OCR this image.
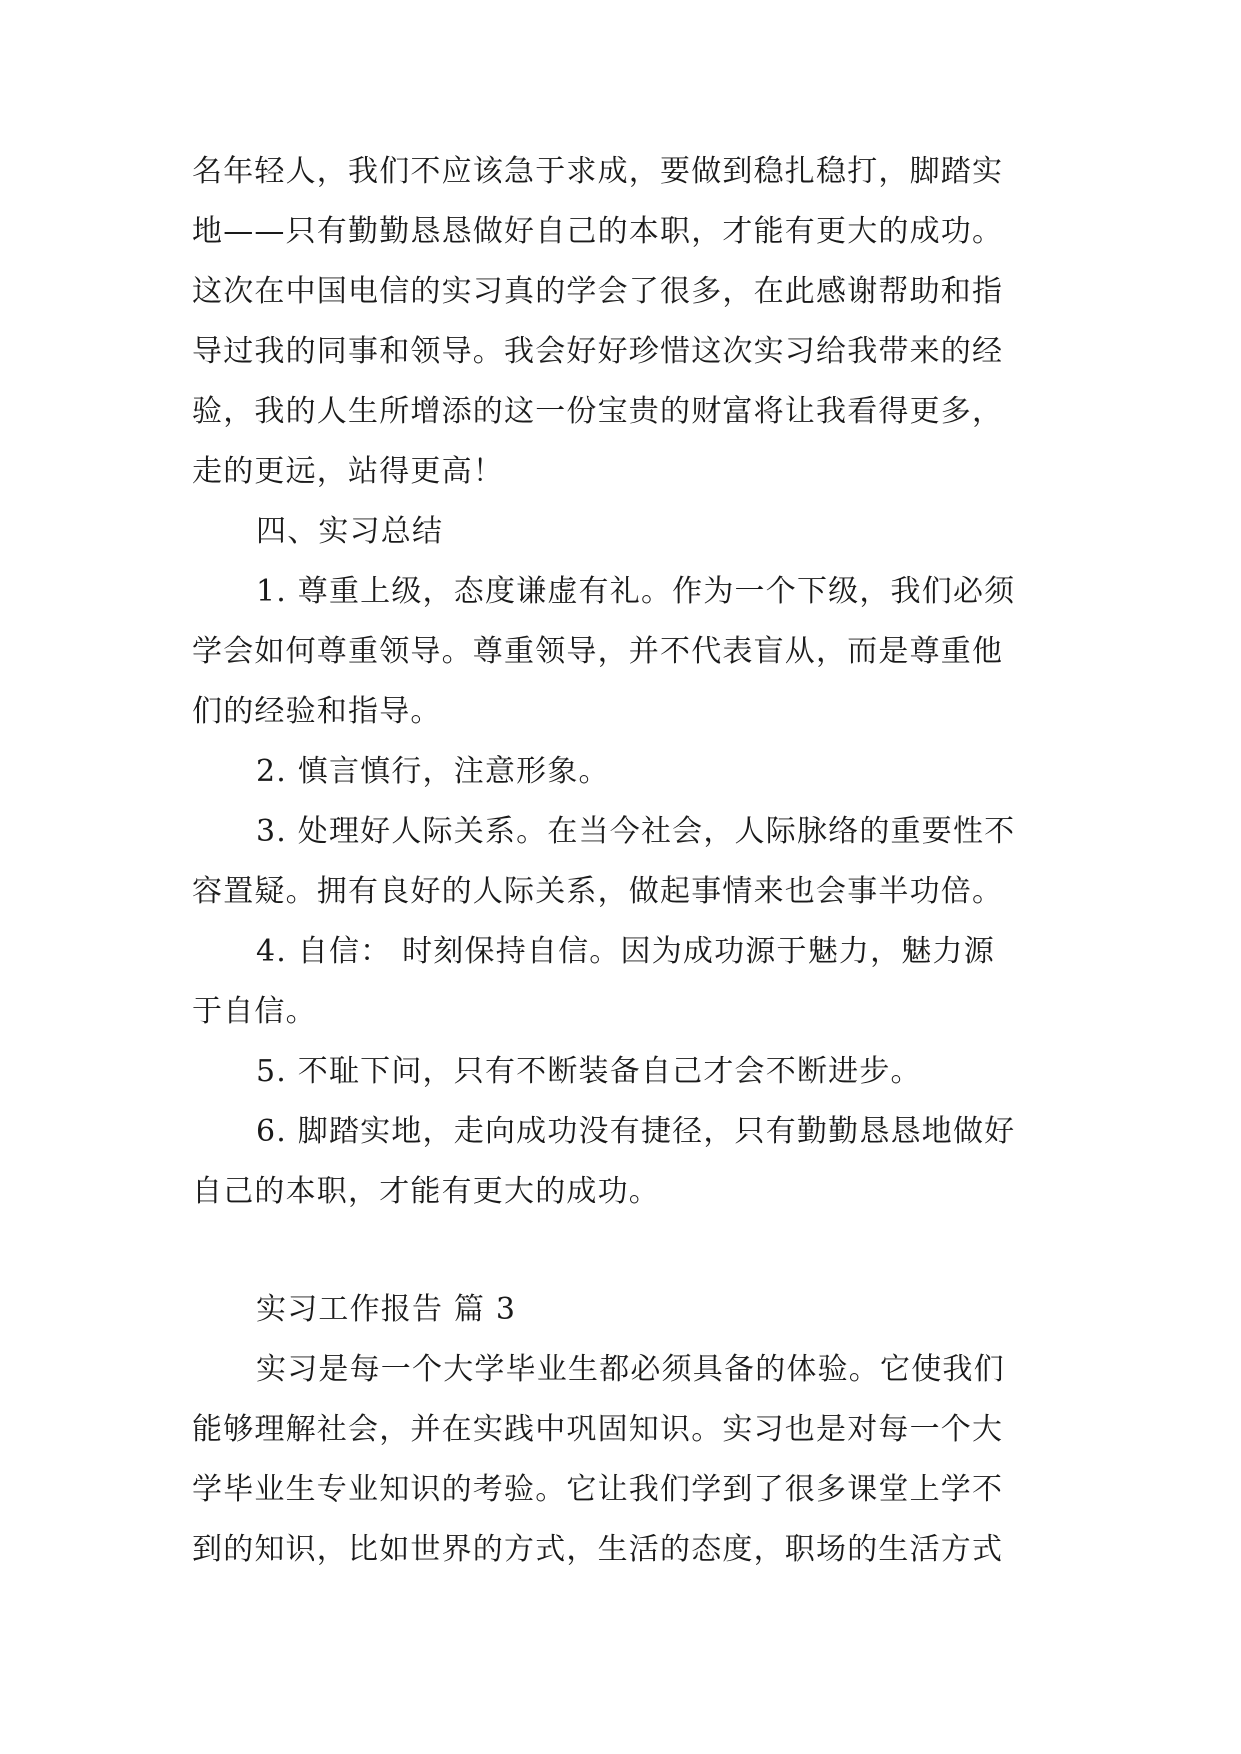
名年轻人，我们不应该急于求成，要做到稳扎稳打，脚踏实
地——只有勤勤恳恳做好自己的本职，才能有更大的成功。
这次在中国电信的实习真的学会了很多，在此感谢帮助和指
导过我的同事和领导。我会好好珍惜这次实习给我带来的经
验，我的人生所增添的这一份宝贵的财富将让我看得更多，
走的更远，站得更高！
四、实习总结
1. 尊重上级，态度谦虚有礼。作为一个下级，我们必须
学会如何尊重领导。尊重领导，并不代表盲从，而是尊重他
们的经验和指导。
2. 慎言慎行，注意形象。
3. 处理好人际关系。在当今社会，人际脉络的重要性不
容置疑。拥有良好的人际关系，做起事情来也会事半功倍。
4. 自信： 时刻保持自信。因为成功源于魅力，魅力源
于自信。
5. 不耻下问，只有不断装备自己才会不断进步。
6. 脚踏实地，走向成功没有捷径，只有勤勤恳恳地做好
自己的本职，才能有更大的成功。
实习工作报告 篇 3
实习是每一个大学毕业生都必须具备的体验。它使我们
能够理解社会，并在实践中巩固知识。实习也是对每一个大
学毕业生专业知识的考验。它让我们学到了很多课堂上学不
到的知识，比如世界的方式，生活的态度，职场的生活方式
